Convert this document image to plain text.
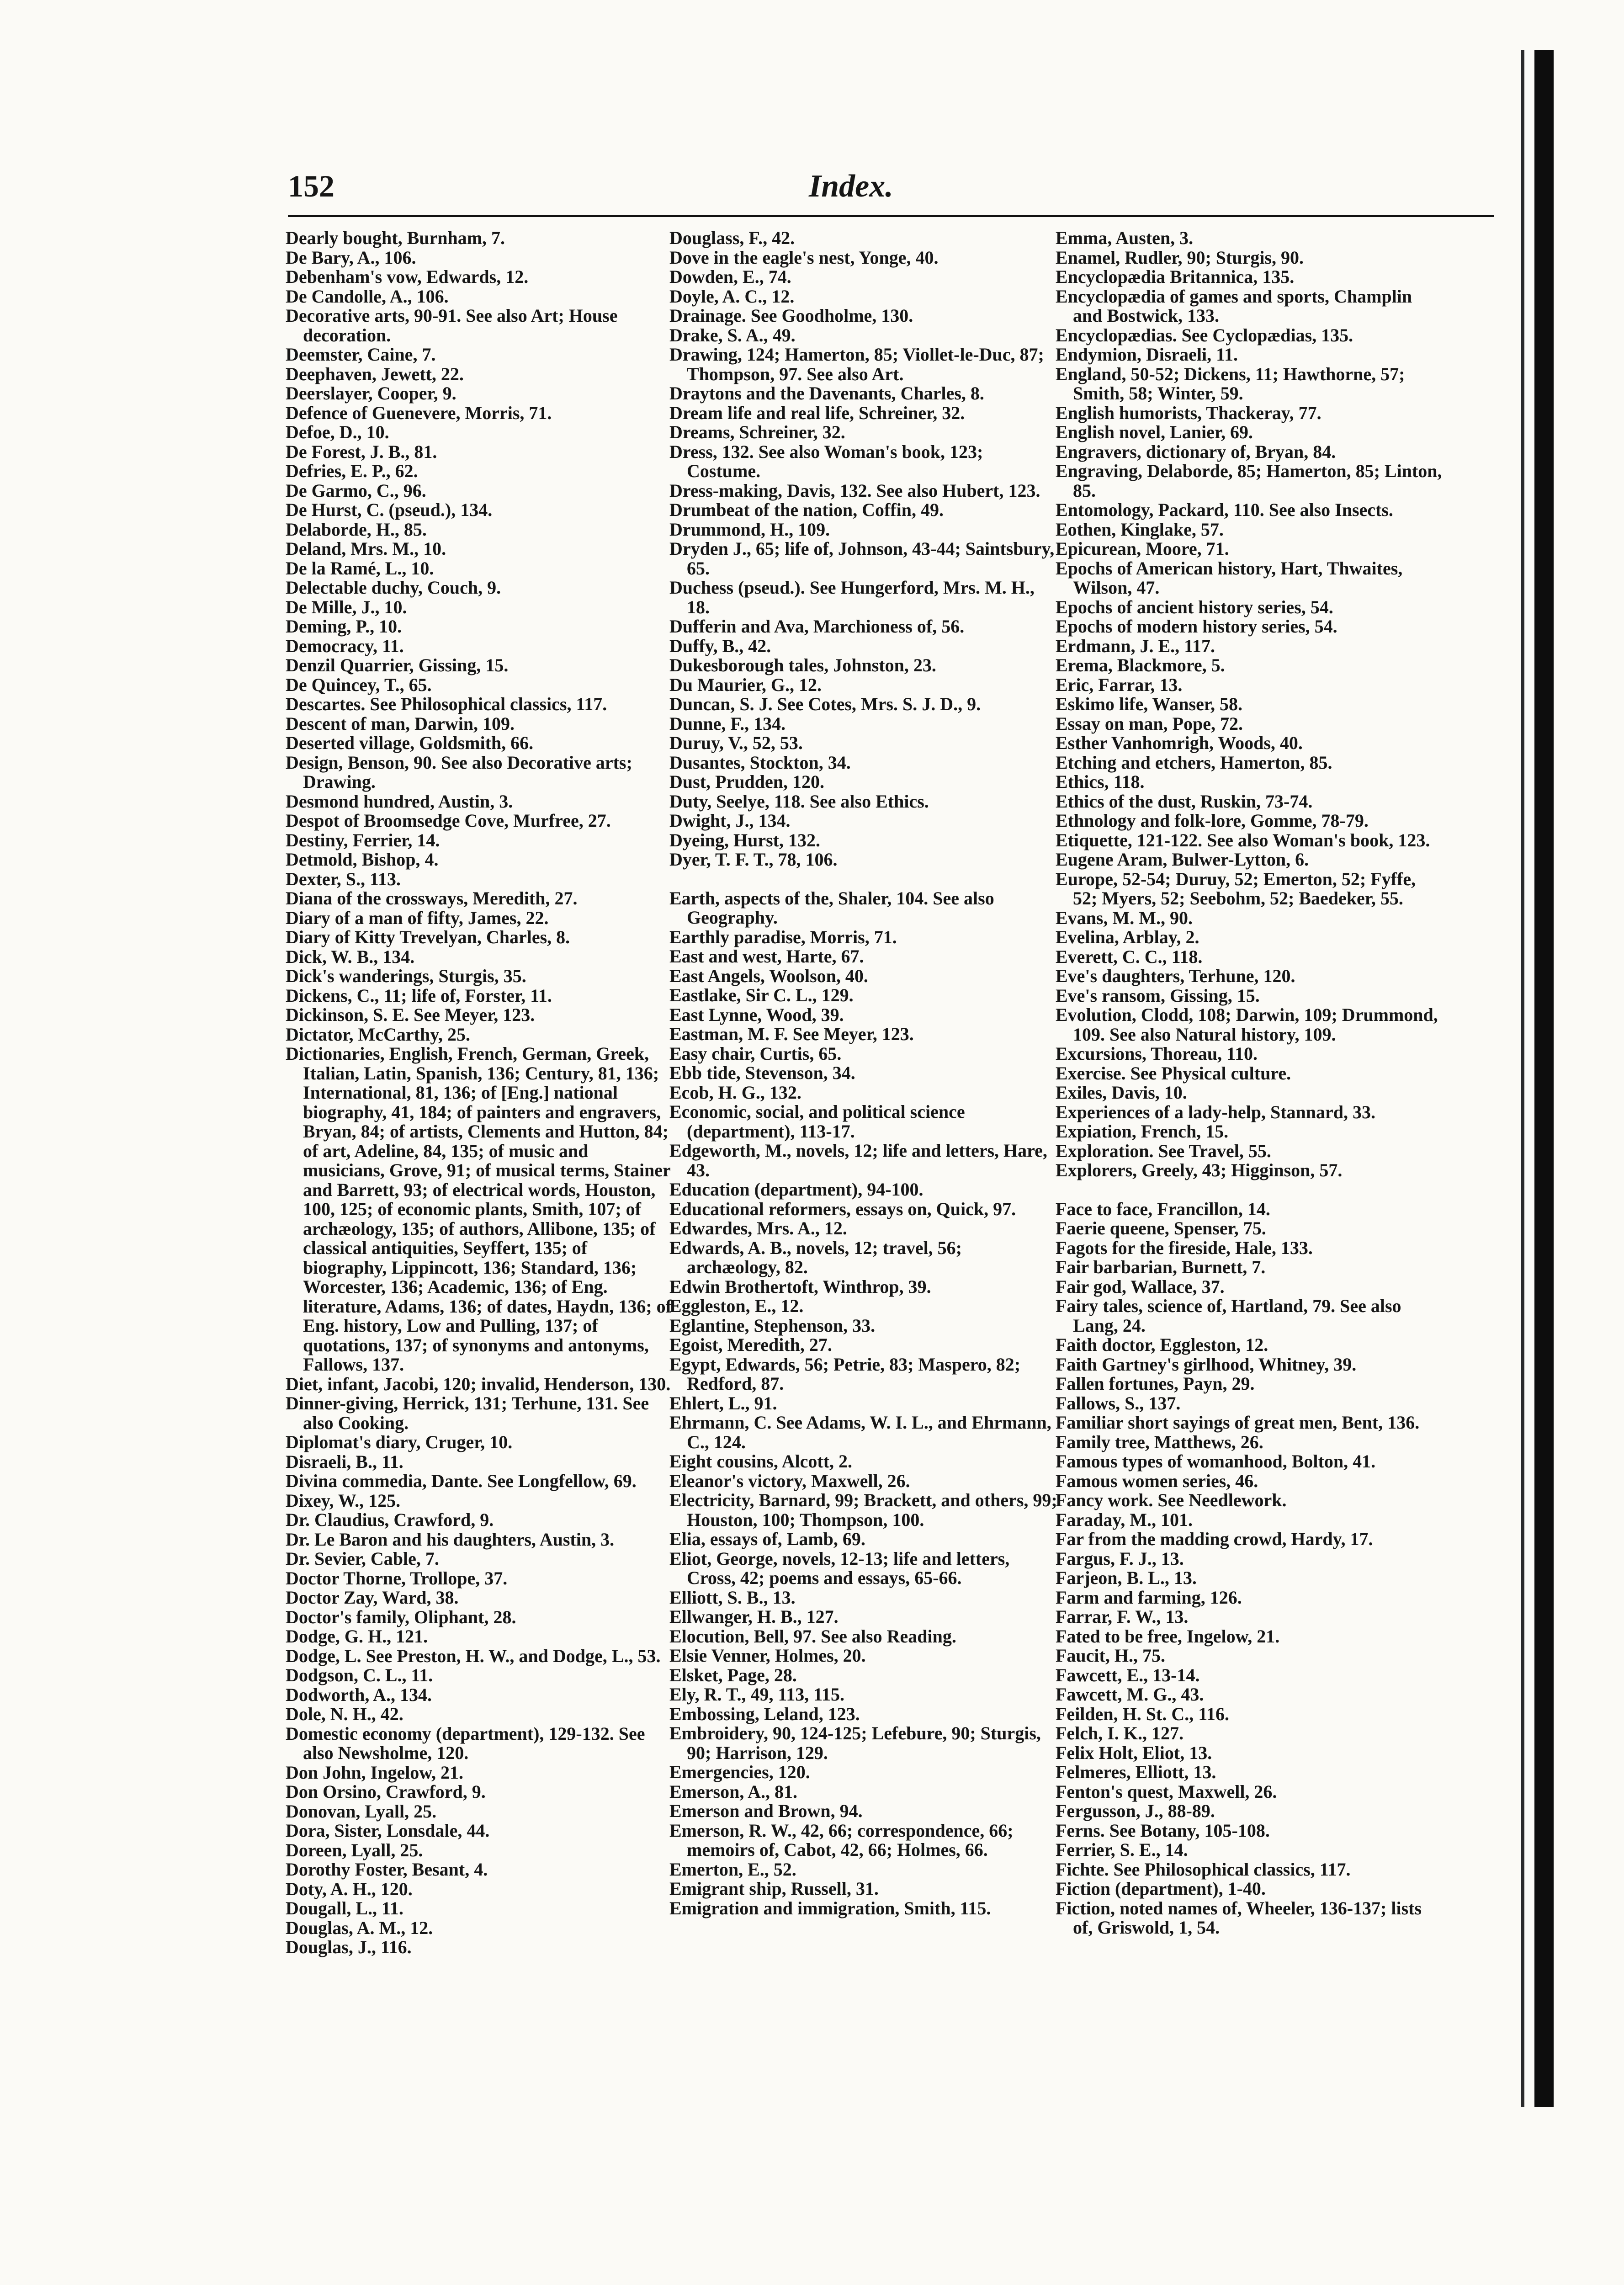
152	Index.
Dearly bought, Burnham, 7.
De Bary, A., 106.
Debenham's vow, Edwards, 12.
De Candolle, A., 106.
Decorative arts, 90-91. See also Art; House decoration.
Deemster, Caine, 7.
Deephaven, Jewett, 22.
Deerslayer, Cooper, 9.
Defence of Guenevere, Morris, 71.
Defoe, D., 10.
De Forest, J. B., 81.
Defries, E. P., 62.
De Garmo, C., 96.
De Hurst, C. (pseud.), 134.
Delaborde, H., 85.
Deland, Mrs. M., 10.
De la Ramé, L., 10.
Delectable duchy, Couch, 9.
De Mille, J., 10.
Deming, P., 10.
Democracy, 11.
Denzil Quarrier, Gissing, 15.
De Quincey, T., 65.
Descartes. See Philosophical classics, 117.
Descent of man, Darwin, 109.
Deserted village, Goldsmith, 66.
Design, Benson, 90. See also Decorative arts; Drawing.
Desmond hundred, Austin, 3.
Despot of Broomsedge Cove, Murfree, 27.
Destiny, Ferrier, 14.
Detmold, Bishop, 4.
Dexter, S., 113.
Diana of the crossways, Meredith, 27.
Diary of a man of fifty, James, 22.
Diary of Kitty Trevelyan, Charles, 8.
Dick, W. B., 134.
Dick's wanderings, Sturgis, 35.
Dickens, C., 11; life of, Forster, 11.
Dickinson, S. E. See Meyer, 123.
Dictator, McCarthy, 25.
Dictionaries, English, French, German, Greek, Italian, Latin, Spanish, 136; Century, 81, 136; International, 81, 136; of [Eng.] national biography, 41, 184; of painters and engravers, Bryan, 84; of artists, Clements and Hutton, 84; of art, Adeline, 84, 135; of music and musicians, Grove, 91; of musical terms, Stainer and Barrett, 93; of electrical words, Houston, 100, 125; of economic plants, Smith, 107; of archæology, 135; of authors, Allibone, 135; of classical antiquities, Seyffert, 135; of biography, Lippincott, 136; Standard, 136; Worcester, 136; Academic, 136; of Eng. literature, Adams, 136; of dates, Haydn, 136; of Eng. history, Low and Pulling, 137; of quotations, 137; of synonyms and antonyms, Fallows, 137.
Diet, infant, Jacobi, 120; invalid, Henderson, 130.
Dinner-giving, Herrick, 131; Terhune, 131. See also Cooking.
Diplomat's diary, Cruger, 10.
Disraeli, B., 11.
Divina commedia, Dante. See Longfellow, 69.
Dixey, W., 125.
Dr. Claudius, Crawford, 9.
Dr. Le Baron and his daughters, Austin, 3.
Dr. Sevier, Cable, 7.
Doctor Thorne, Trollope, 37.
Doctor Zay, Ward, 38.
Doctor's family, Oliphant, 28.
Dodge, G. H., 121.
Dodge, L. See Preston, H. W., and Dodge, L., 53.
Dodgson, C. L., 11.
Dodworth, A., 134.
Dole, N. H., 42.
Domestic economy (department), 129-132. See also Newsholme, 120.
Don John, Ingelow, 21.
Don Orsino, Crawford, 9.
Donovan, Lyall, 25.
Dora, Sister, Lonsdale, 44.
Doreen, Lyall, 25.
Dorothy Foster, Besant, 4.
Doty, A. H., 120.
Dougall, L., 11.
Douglas, A. M., 12.
Douglas, J., 116.
Douglass, F., 42.
Dove in the eagle's nest, Yonge, 40.
Dowden, E., 74.
Doyle, A. C., 12.
Drainage. See Goodholme, 130.
Drake, S. A., 49.
Drawing, 124; Hamerton, 85; Viollet-le-Duc, 87; Thompson, 97. See also Art.
Draytons and the Davenants, Charles, 8.
Dream life and real life, Schreiner, 32.
Dreams, Schreiner, 32.
Dress, 132. See also Woman's book, 123; Costume.
Dress-making, Davis, 132. See also Hubert, 123.
Drumbeat of the nation, Coffin, 49.
Drummond, H., 109.
Dryden J., 65; life of, Johnson, 43-44; Saintsbury, 65.
Duchess (pseud.). See Hungerford, Mrs. M. H., 18.
Dufferin and Ava, Marchioness of, 56.
Duffy, B., 42.
Dukesborough tales, Johnston, 23.
Du Maurier, G., 12.
Duncan, S. J. See Cotes, Mrs. S. J. D., 9.
Dunne, F., 134.
Duruy, V., 52, 53.
Dusantes, Stockton, 34.
Dust, Prudden, 120.
Duty, Seelye, 118. See also Ethics.
Dwight, J., 134.
Dyeing, Hurst, 132.
Dyer, T. F. T., 78, 106.
Earth, aspects of the, Shaler, 104. See also Geography.
Earthly paradise, Morris, 71.
East and west, Harte, 67.
East Angels, Woolson, 40.
Eastlake, Sir C. L., 129.
East Lynne, Wood, 39.
Eastman, M. F. See Meyer, 123.
Easy chair, Curtis, 65.
Ebb tide, Stevenson, 34.
Ecob, H. G., 132.
Economic, social, and political science (department), 113-17.
Edgeworth, M., novels, 12; life and letters, Hare, 43.
Education (department), 94-100.
Educational reformers, essays on, Quick, 97.
Edwardes, Mrs. A., 12.
Edwards, A. B., novels, 12; travel, 56; archæology, 82.
Edwin Brothertoft, Winthrop, 39.
Eggleston, E., 12.
Eglantine, Stephenson, 33.
Egoist, Meredith, 27.
Egypt, Edwards, 56; Petrie, 83; Maspero, 82; Redford, 87.
Ehlert, L., 91.
Ehrmann, C. See Adams, W. I. L., and Ehrmann, C., 124.
Eight cousins, Alcott, 2.
Eleanor's victory, Maxwell, 26.
Electricity, Barnard, 99; Brackett, and others, 99; Houston, 100; Thompson, 100.
Elia, essays of, Lamb, 69.
Eliot, George, novels, 12-13; life and letters, Cross, 42; poems and essays, 65-66.
Elliott, S. B., 13.
Ellwanger, H. B., 127.
Elocution, Bell, 97. See also Reading.
Elsie Venner, Holmes, 20.
Elsket, Page, 28.
Ely, R. T., 49, 113, 115.
Embossing, Leland, 123.
Embroidery, 90, 124-125; Lefebure, 90; Sturgis, 90; Harrison, 129.
Emergencies, 120.
Emerson, A., 81.
Emerson and Brown, 94.
Emerson, R. W., 42, 66; correspondence, 66; memoirs of, Cabot, 42, 66; Holmes, 66.
Emerton, E., 52.
Emigrant ship, Russell, 31.
Emigration and immigration, Smith, 115.
Emma, Austen, 3.
Enamel, Rudler, 90; Sturgis, 90.
Encyclopædia Britannica, 135.
Encyclopædia of games and sports, Champlin and Bostwick, 133.
Encyclopædias. See Cyclopædias, 135.
Endymion, Disraeli, 11.
England, 50-52; Dickens, 11; Hawthorne, 57; Smith, 58; Winter, 59.
English humorists, Thackeray, 77.
English novel, Lanier, 69.
Engravers, dictionary of, Bryan, 84.
Engraving, Delaborde, 85; Hamerton, 85; Linton, 85.
Entomology, Packard, 110. See also Insects.
Eothen, Kinglake, 57.
Epicurean, Moore, 71.
Epochs of American history, Hart, Thwaites, Wilson, 47.
Epochs of ancient history series, 54.
Epochs of modern history series, 54.
Erdmann, J. E., 117.
Erema, Blackmore, 5.
Eric, Farrar, 13.
Eskimo life, Wanser, 58.
Essay on man, Pope, 72.
Esther Vanhomrigh, Woods, 40.
Etching and etchers, Hamerton, 85.
Ethics, 118.
Ethics of the dust, Ruskin, 73-74.
Ethnology and folk-lore, Gomme, 78-79.
Etiquette, 121-122. See also Woman's book, 123.
Eugene Aram, Bulwer-Lytton, 6.
Europe, 52-54; Duruy, 52; Emerton, 52; Fyffe, 52; Myers, 52; Seebohm, 52; Baedeker, 55.
Evans, M. M., 90.
Evelina, Arblay, 2.
Everett, C. C., 118.
Eve's daughters, Terhune, 120.
Eve's ransom, Gissing, 15.
Evolution, Clodd, 108; Darwin, 109; Drummond, 109. See also Natural history, 109.
Excursions, Thoreau, 110.
Exercise. See Physical culture.
Exiles, Davis, 10.
Experiences of a lady-help, Stannard, 33.
Expiation, French, 15.
Exploration. See Travel, 55.
Explorers, Greely, 43; Higginson, 57.
Face to face, Francillon, 14.
Faerie queene, Spenser, 75.
Fagots for the fireside, Hale, 133.
Fair barbarian, Burnett, 7.
Fair god, Wallace, 37.
Fairy tales, science of, Hartland, 79. See also Lang, 24.
Faith doctor, Eggleston, 12.
Faith Gartney's girlhood, Whitney, 39.
Fallen fortunes, Payn, 29.
Fallows, S., 137.
Familiar short sayings of great men, Bent, 136.
Family tree, Matthews, 26.
Famous types of womanhood, Bolton, 41.
Famous women series, 46.
Fancy work. See Needlework.
Faraday, M., 101.
Far from the madding crowd, Hardy, 17.
Fargus, F. J., 13.
Farjeon, B. L., 13.
Farm and farming, 126.
Farrar, F. W., 13.
Fated to be free, Ingelow, 21.
Faucit, H., 75.
Fawcett, E., 13-14.
Fawcett, M. G., 43.
Feilden, H. St. C., 116.
Felch, I. K., 127.
Felix Holt, Eliot, 13.
Felmeres, Elliott, 13.
Fenton's quest, Maxwell, 26.
Fergusson, J., 88-89.
Ferns. See Botany, 105-108.
Ferrier, S. E., 14.
Fichte. See Philosophical classics, 117.
Fiction (department), 1-40.
Fiction, noted names of, Wheeler, 136-137; lists of, Griswold, 1, 54.
